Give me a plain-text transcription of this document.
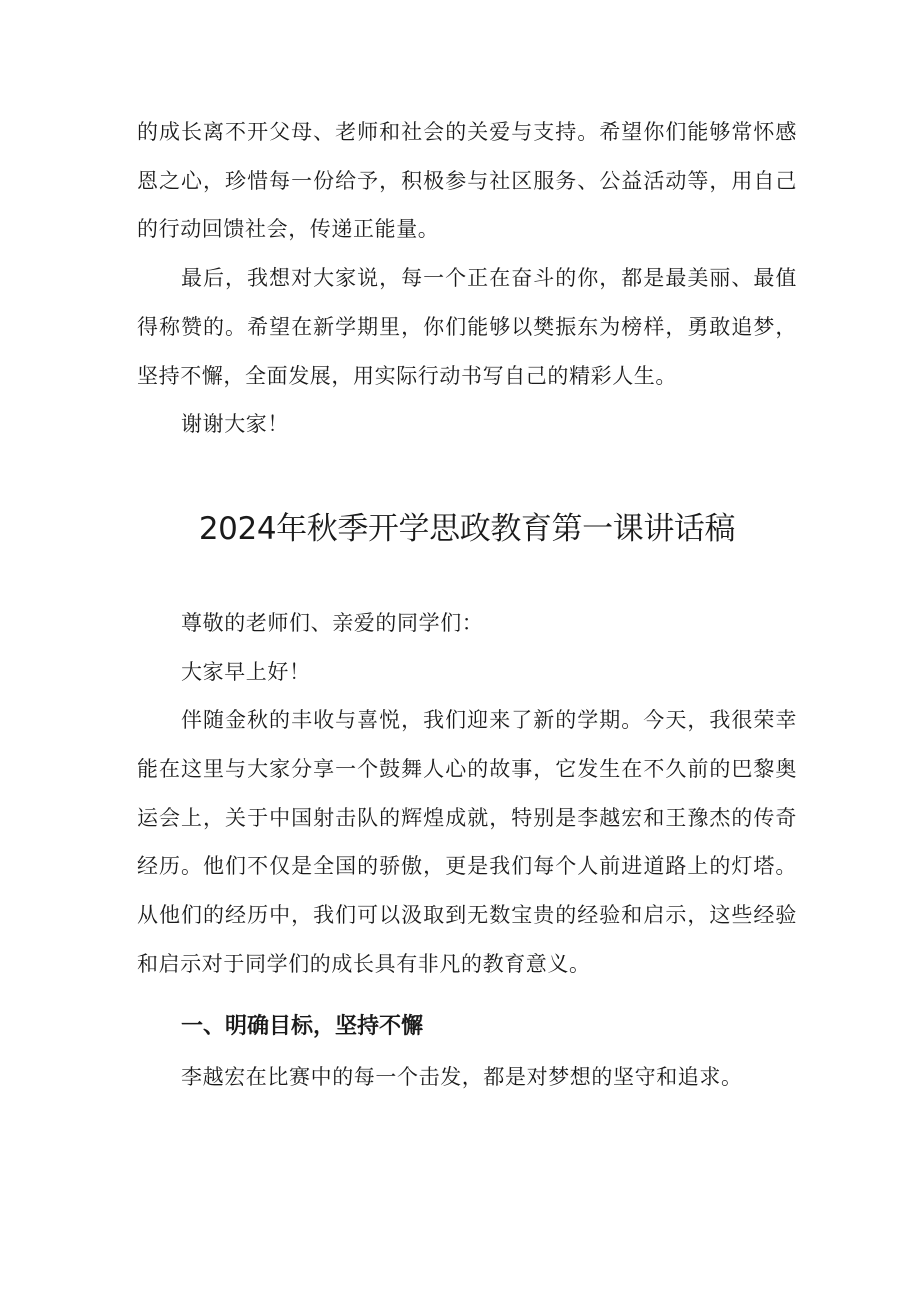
的成长离不开父母、老师和社会的关爱与支持。希望你们能够常怀感恩之心，珍惜每一份给予，积极参与社区服务、公益活动等，用自己的行动回馈社会，传递正能量。

最后，我想对大家说，每一个正在奋斗的你，都是最美丽、最值得称赞的。希望在新学期里，你们能够以樊振东为榜样，勇敢追梦，坚持不懈，全面发展，用实际行动书写自己的精彩人生。

谢谢大家！

2024年秋季开学思政教育第一课讲话稿

尊敬的老师们、亲爱的同学们：

大家早上好！

伴随金秋的丰收与喜悦，我们迎来了新的学期。今天，我很荣幸能在这里与大家分享一个鼓舞人心的故事，它发生在不久前的巴黎奥运会上，关于中国射击队的辉煌成就，特别是李越宏和王豫杰的传奇经历。他们不仅是全国的骄傲，更是我们每个人前进道路上的灯塔。从他们的经历中，我们可以汲取到无数宝贵的经验和启示，这些经验和启示对于同学们的成长具有非凡的教育意义。

一、明确目标，坚持不懈

李越宏在比赛中的每一个击发，都是对梦想的坚守和追求。
